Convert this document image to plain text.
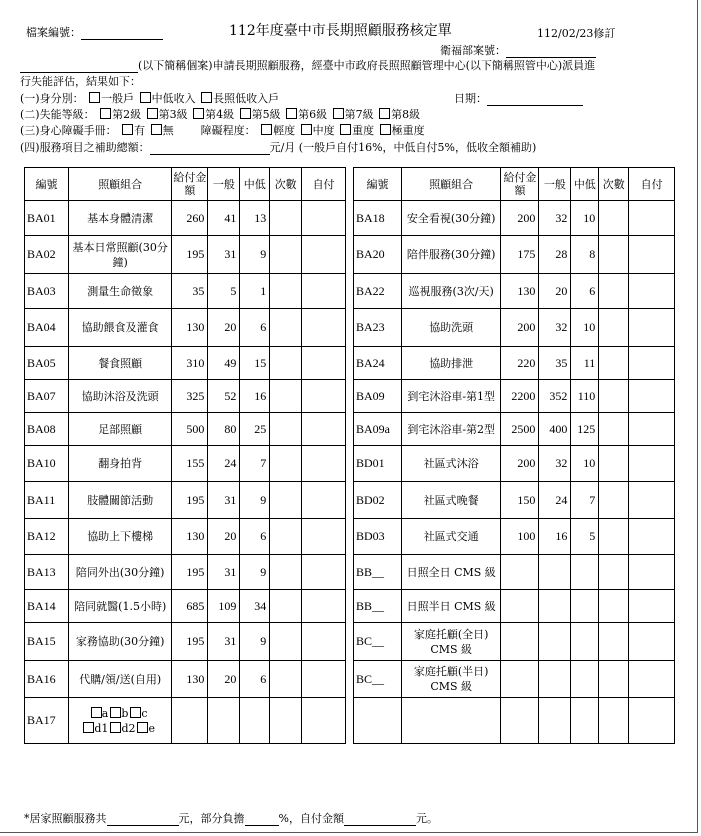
檔案編號：	112年度臺中市長期照顧服務核定單	112/02/23修訂
衛福部案號：
(以下簡稱個案)申請長期照顧服務，經臺中市政府長照照顧管理中心(以下簡稱照管中心)派員進
行失能評估，結果如下：
(一)身分別： 一般戶 中低收入 長照低收入戶	日期：
(二)失能等級： 第2級 第3級 第4級 第5級 第6級 第7級 第8級
(三)身心障礙手冊： 有 無 障礙程度： 輕度 中度 重度 極重度
(四)服務項目之補助總額：	元/月 (一般戶自付16%，中低自付5%，低收全額補助)
編號	照顧組合	給付金額	一般	中低	次數	自付
BA01	基本身體清潔	260	41	13		
BA02	基本日常照顧(30分鐘)	195	31	9		
BA03	測量生命徵象	35	5	1		
BA04	協助餵食及灌食	130	20	6		
BA05	餐食照顧	310	49	15		
BA07	協助沐浴及洗頭	325	52	16		
BA08	足部照顧	500	80	25		
BA10	翻身拍背	155	24	7		
BA11	肢體關節活動	195	31	9		
BA12	協助上下樓梯	130	20	6		
BA13	陪同外出(30分鐘)	195	31	9		
BA14	陪同就醫(1.5小時)	685	109	34		
BA15	家務協助(30分鐘)	195	31	9		
BA16	代購/領/送(自用)	130	20	6		
BA17	a b c
d1 d2 e					

編號	照顧組合	給付金額	一般	中低	次數	自付
BA18	安全看視(30分鐘)	200	32	10		
BA20	陪伴服務(30分鐘)	175	28	8		
BA22	巡視服務(3次/天)	130	20	6		
BA23	協助洗頭	200	32	10		
BA24	協助排泄	220	35	11		
BA09	到宅沐浴車-第1型	2200	352	110		
BA09a	到宅沐浴車-第2型	2500	400	125		
BD01	社區式沐浴	200	32	10		
BD02	社區式晚餐	150	24	7		
BD03	社區式交通	100	16	5		
BB__	日照全日 CMS 級					
BB__	日照半日 CMS 級					
BC__	家庭托顧(全日) CMS 級					
BC__	家庭托顧(半日) CMS 級					

*居家照顧服務共	元，部分負擔	%，自付金額	元。
